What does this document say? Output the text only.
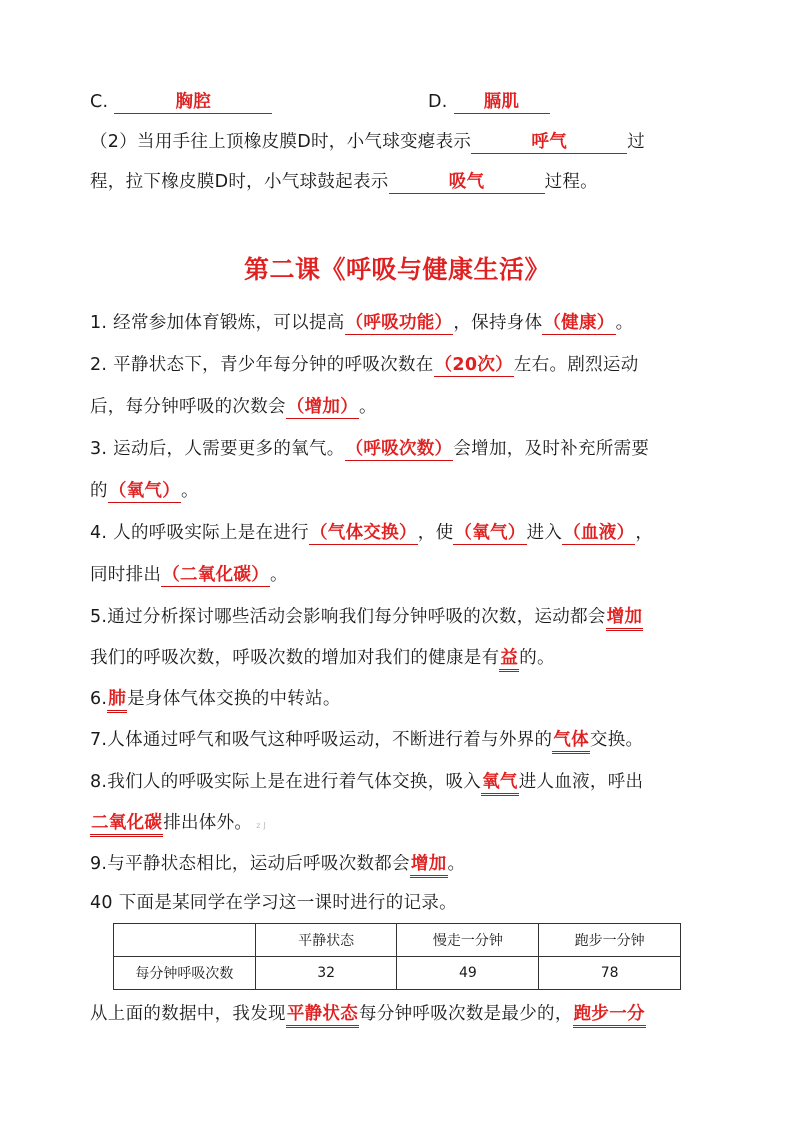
C.	胸腔	D. 膈肌
（2）当用手往上顶橡皮膜D时，小气球变瘪表示	呼气	过
程，拉下橡皮膜D时，小气球鼓起表示	吸气	过程。
第二课《呼吸与健康生活》
1. 经常参加体育锻炼，可以提高（呼吸功能），保持身体（健康）。
2. 平静状态下，青少年每分钟的呼吸次数在（20次）左右。剧烈运动
后，每分钟呼吸的次数会（增加）。
3. 运动后，人需要更多的氧气。（呼吸次数）会增加，及时补充所需要
的（氧气）。
4. 人的呼吸实际上是在进行（气体交换），使（氧气）进入（血液），
同时排出（二氧化碳）。
5.通过分析探讨哪些活动会影响我们每分钟呼吸的次数，运动都会增加
我们的呼吸次数，呼吸次数的增加对我们的健康是有益的。
6.肺是身体气体交换的中转站。
7.人体通过呼气和吸气这种呼吸运动，不断进行着与外界的气体交换。
8.我们人的呼吸实际上是在进行着气体交换，吸入氧气进人血液，呼出
二氧化碳排出体外。 z J
9.与平静状态相比，运动后呼吸次数都会增加。
40 下面是某同学在学习这一课时进行的记录。
	平静状态	慢走一分钟	跑步一分钟
每分钟呼吸次数	32	49	78
从上面的数据中，我发现平静状态每分钟呼吸次数是最少的，跑步一分
